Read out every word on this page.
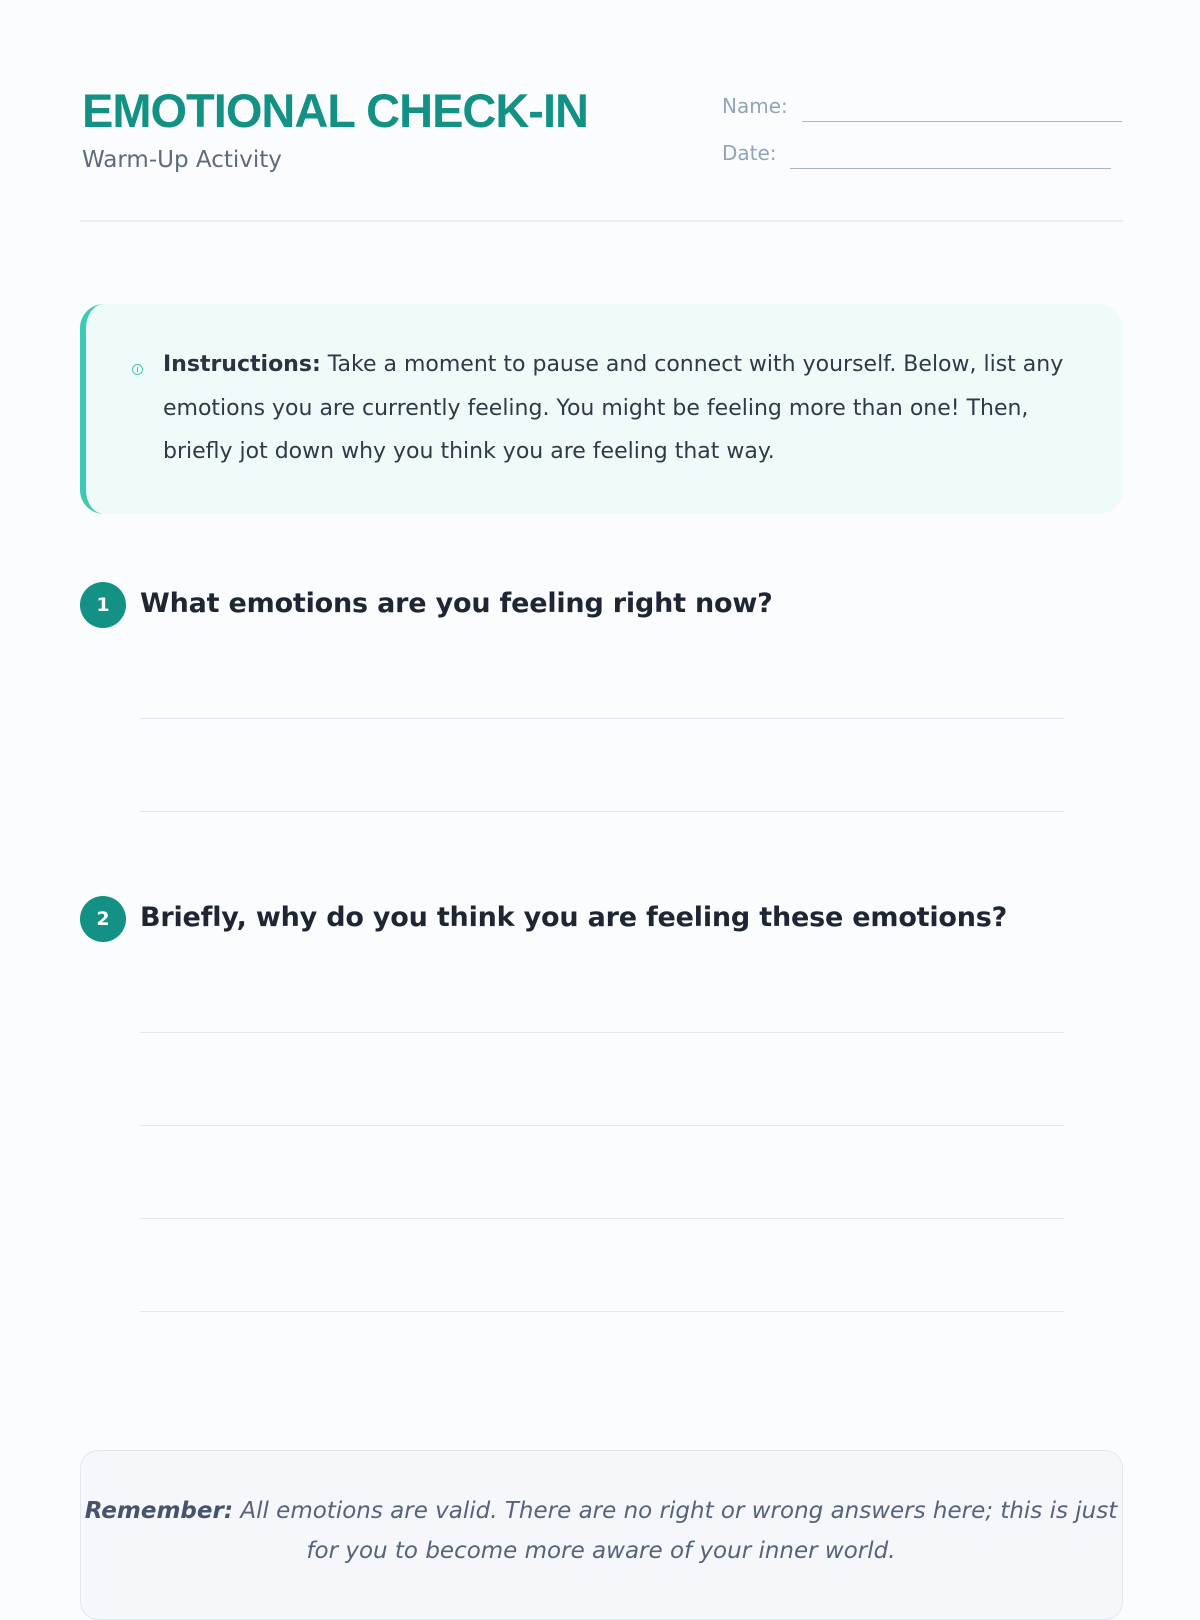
EMOTIONAL CHECK-IN
Warm-Up Activity
Name:
Date:

Instructions: Take a moment to pause and connect with yourself. Below, list any emotions you are currently feeling. You might be feeling more than one! Then, briefly jot down why you think you are feeling that way.

1	What emotions are you feeling right now?
2	Briefly, why do you think you are feeling these emotions?

Remember: All emotions are valid. There are no right or wrong answers here; this is just for you to become more aware of your inner world.
